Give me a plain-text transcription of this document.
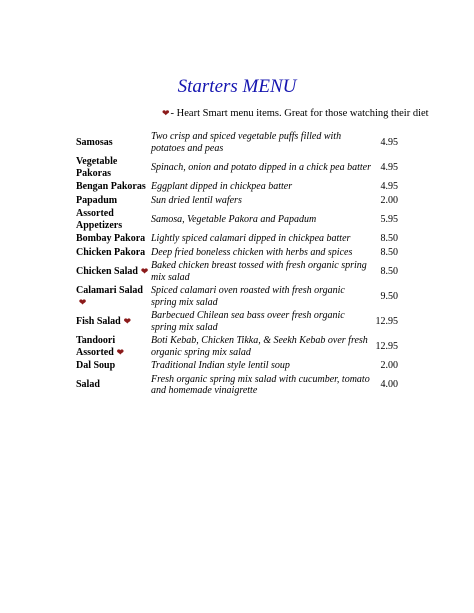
Starters MENU
❤- Heart Smart menu items. Great for those watching their diet
Samosas	Two crisp and spiced vegetable puffs filled with potatoes and peas	4.95
Vegetable Pakoras	Spinach, onion and potato dipped in a chick pea batter	4.95
Bengan Pakoras	Eggplant dipped in chickpea batter	4.95
Papadum	Sun dried lentil wafers	2.00
Assorted Appetizers	Samosa, Vegetable Pakora and Papadum	5.95
Bombay Pakora	Lightly spiced calamari dipped in chickpea batter	8.50
Chicken Pakora	Deep fried boneless chicken with herbs and spices	8.50
Chicken Salad ❤	Baked chicken breast tossed with fresh organic spring mix salad	8.50
Calamari Salad❤	Spiced calamari oven roasted with fresh organic spring mix salad	9.50
Fish Salad ❤	Barbecued Chilean sea bass oveer fresh organic spring mix salad	12.95
Tandoori Assorted ❤	Boti Kebab, Chicken Tikka, & Seekh Kebab over fresh organic spring mix salad	12.95
Dal Soup	Traditional Indian style lentil soup	2.00
Salad	Fresh organic spring mix salad with cucumber, tomato and homemade vinaigrette	4.00
